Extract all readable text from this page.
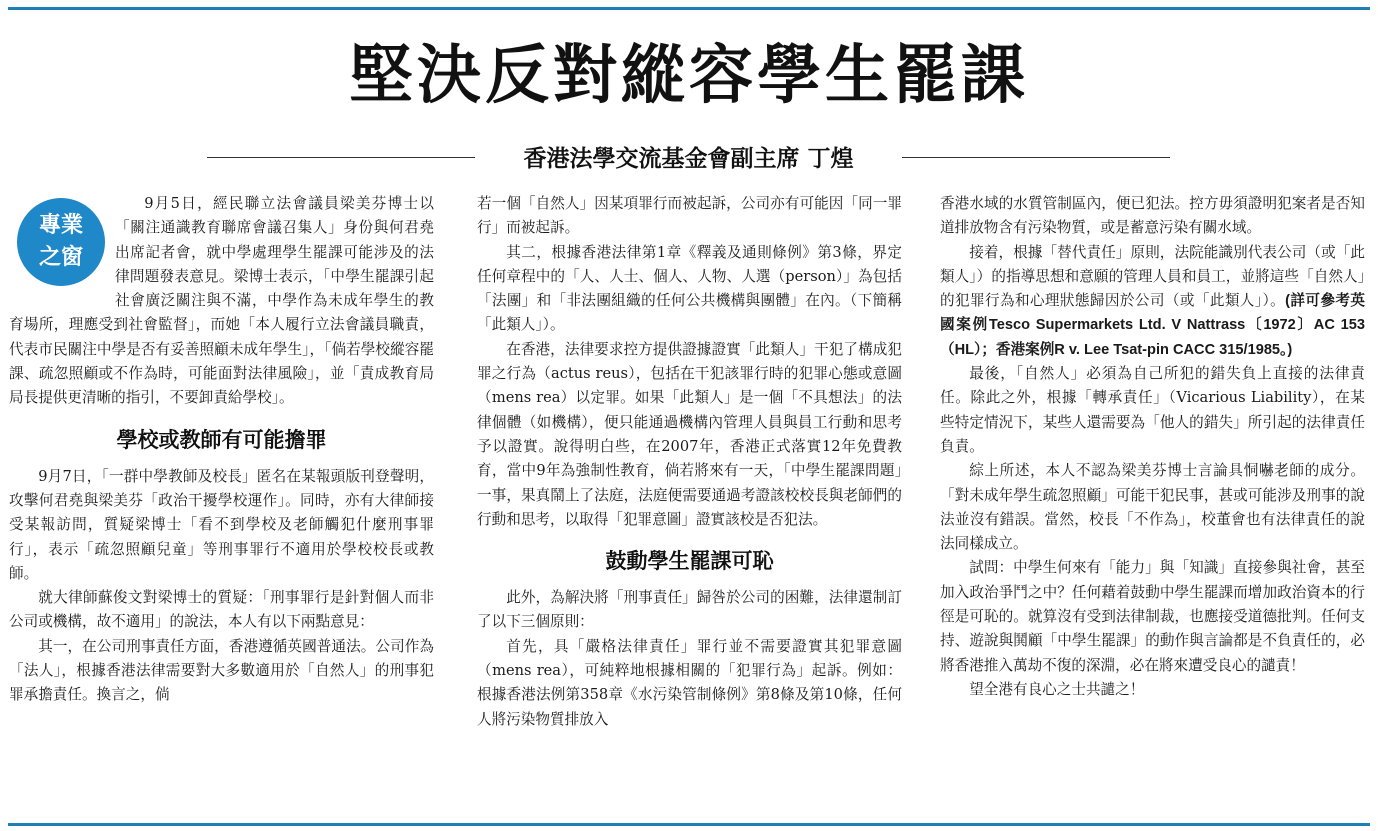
堅決反對縱容學生罷課
香港法學交流基金會副主席 丁煌

專業
之窗
9月5日，經民聯立法會議員梁美芬博士以「關注通識教育聯席會議召集人」身份與何君堯出席記者會，就中學處理學生罷課可能涉及的法律問題發表意見。梁博士表示，「中學生罷課引起社會廣泛關注與不滿，中學作為未成年學生的教育場所，理應受到社會監督」，而她「本人履行立法會議員職責，代表市民關注中學是否有妥善照顧未成年學生」，「倘若學校縱容罷課、疏忽照顧或不作為時，可能面對法律風險」，並「責成教育局局長提供更清晰的指引，不要卸責給學校」。

學校或教師有可能擔罪

9月7日，「一群中學教師及校長」匿名在某報頭版刊登聲明，攻擊何君堯與梁美芬「政治干擾學校運作」。同時，亦有大律師接受某報訪問，質疑梁博士「看不到學校及老師觸犯什麼刑事罪行」，表示「疏忽照顧兒童」等刑事罪行不適用於學校校長或教師。

就大律師蘇俊文對梁博士的質疑：「刑事罪行是針對個人而非公司或機構，故不適用」的說法，本人有以下兩點意見：

其一，在公司刑事責任方面，香港遵循英國普通法。公司作為「法人」，根據香港法律需要對大多數適用於「自然人」的刑事犯罪承擔責任。換言之，倘

若一個「自然人」因某項罪行而被起訴，公司亦有可能因「同一罪行」而被起訴。

其二，根據香港法律第1章《釋義及通則條例》第3條，界定任何章程中的「人、人士、個人、人物、人選（person）」為包括「法團」和「非法團組織的任何公共機構與團體」在內。（下簡稱「此類人」）。

在香港，法律要求控方提供證據證實「此類人」干犯了構成犯罪之行為（actus reus），包括在干犯該罪行時的犯罪心態或意圖（mens rea）以定罪。如果「此類人」是一個「不具想法」的法律個體（如機構），便只能通過機構內管理人員與員工行動和思考予以證實。說得明白些，在2007年，香港正式落實12年免費教育，當中9年為強制性教育，倘若將來有一天，「中學生罷課問題」一事，果真鬧上了法庭，法庭便需要通過考證該校校長與老師們的行動和思考，以取得「犯罪意圖」證實該校是否犯法。

鼓動學生罷課可恥

此外，為解決將「刑事責任」歸咎於公司的困難，法律還制訂了以下三個原則：

首先，具「嚴格法律責任」罪行並不需要證實其犯罪意圖（mens rea），可純粹地根據相關的「犯罪行為」起訴。例如：根據香港法例第358章《水污染管制條例》第8條及第10條，任何人將污染物質排放入

香港水域的水質管制區內，便已犯法。控方毋須證明犯案者是否知道排放物含有污染物質，或是蓄意污染有關水域。

接着，根據「替代責任」原則，法院能識別代表公司（或「此類人」）的指導思想和意願的管理人員和員工，並將這些「自然人」的犯罪行為和心理狀態歸因於公司（或「此類人」）。(詳可參考英國案例Tesco Supermarkets Ltd. V Nattrass〔1972〕AC 153（HL）；香港案例R v. Lee Tsat-pin CACC 315/1985。)

最後，「自然人」必須為自己所犯的錯失負上直接的法律責任。除此之外，根據「轉承責任」（Vicarious Liability），在某些特定情況下，某些人還需要為「他人的錯失」所引起的法律責任負責。

綜上所述，本人不認為梁美芬博士言論具恫嚇老師的成分。「對未成年學生疏忽照顧」可能干犯民事，甚或可能涉及刑事的說法並沒有錯誤。當然，校長「不作為」，校董會也有法律責任的說法同樣成立。

試問：中學生何來有「能力」與「知識」直接參與社會，甚至加入政治爭鬥之中？任何藉着鼓動中學生罷課而增加政治資本的行徑是可恥的。就算沒有受到法律制裁，也應接受道德批判。任何支持、遊說與鬨顧「中學生罷課」的動作與言論都是不負責任的，必將香港推入萬劫不復的深淵，必在將來遭受良心的譴責！

望全港有良心之士共譴之！
